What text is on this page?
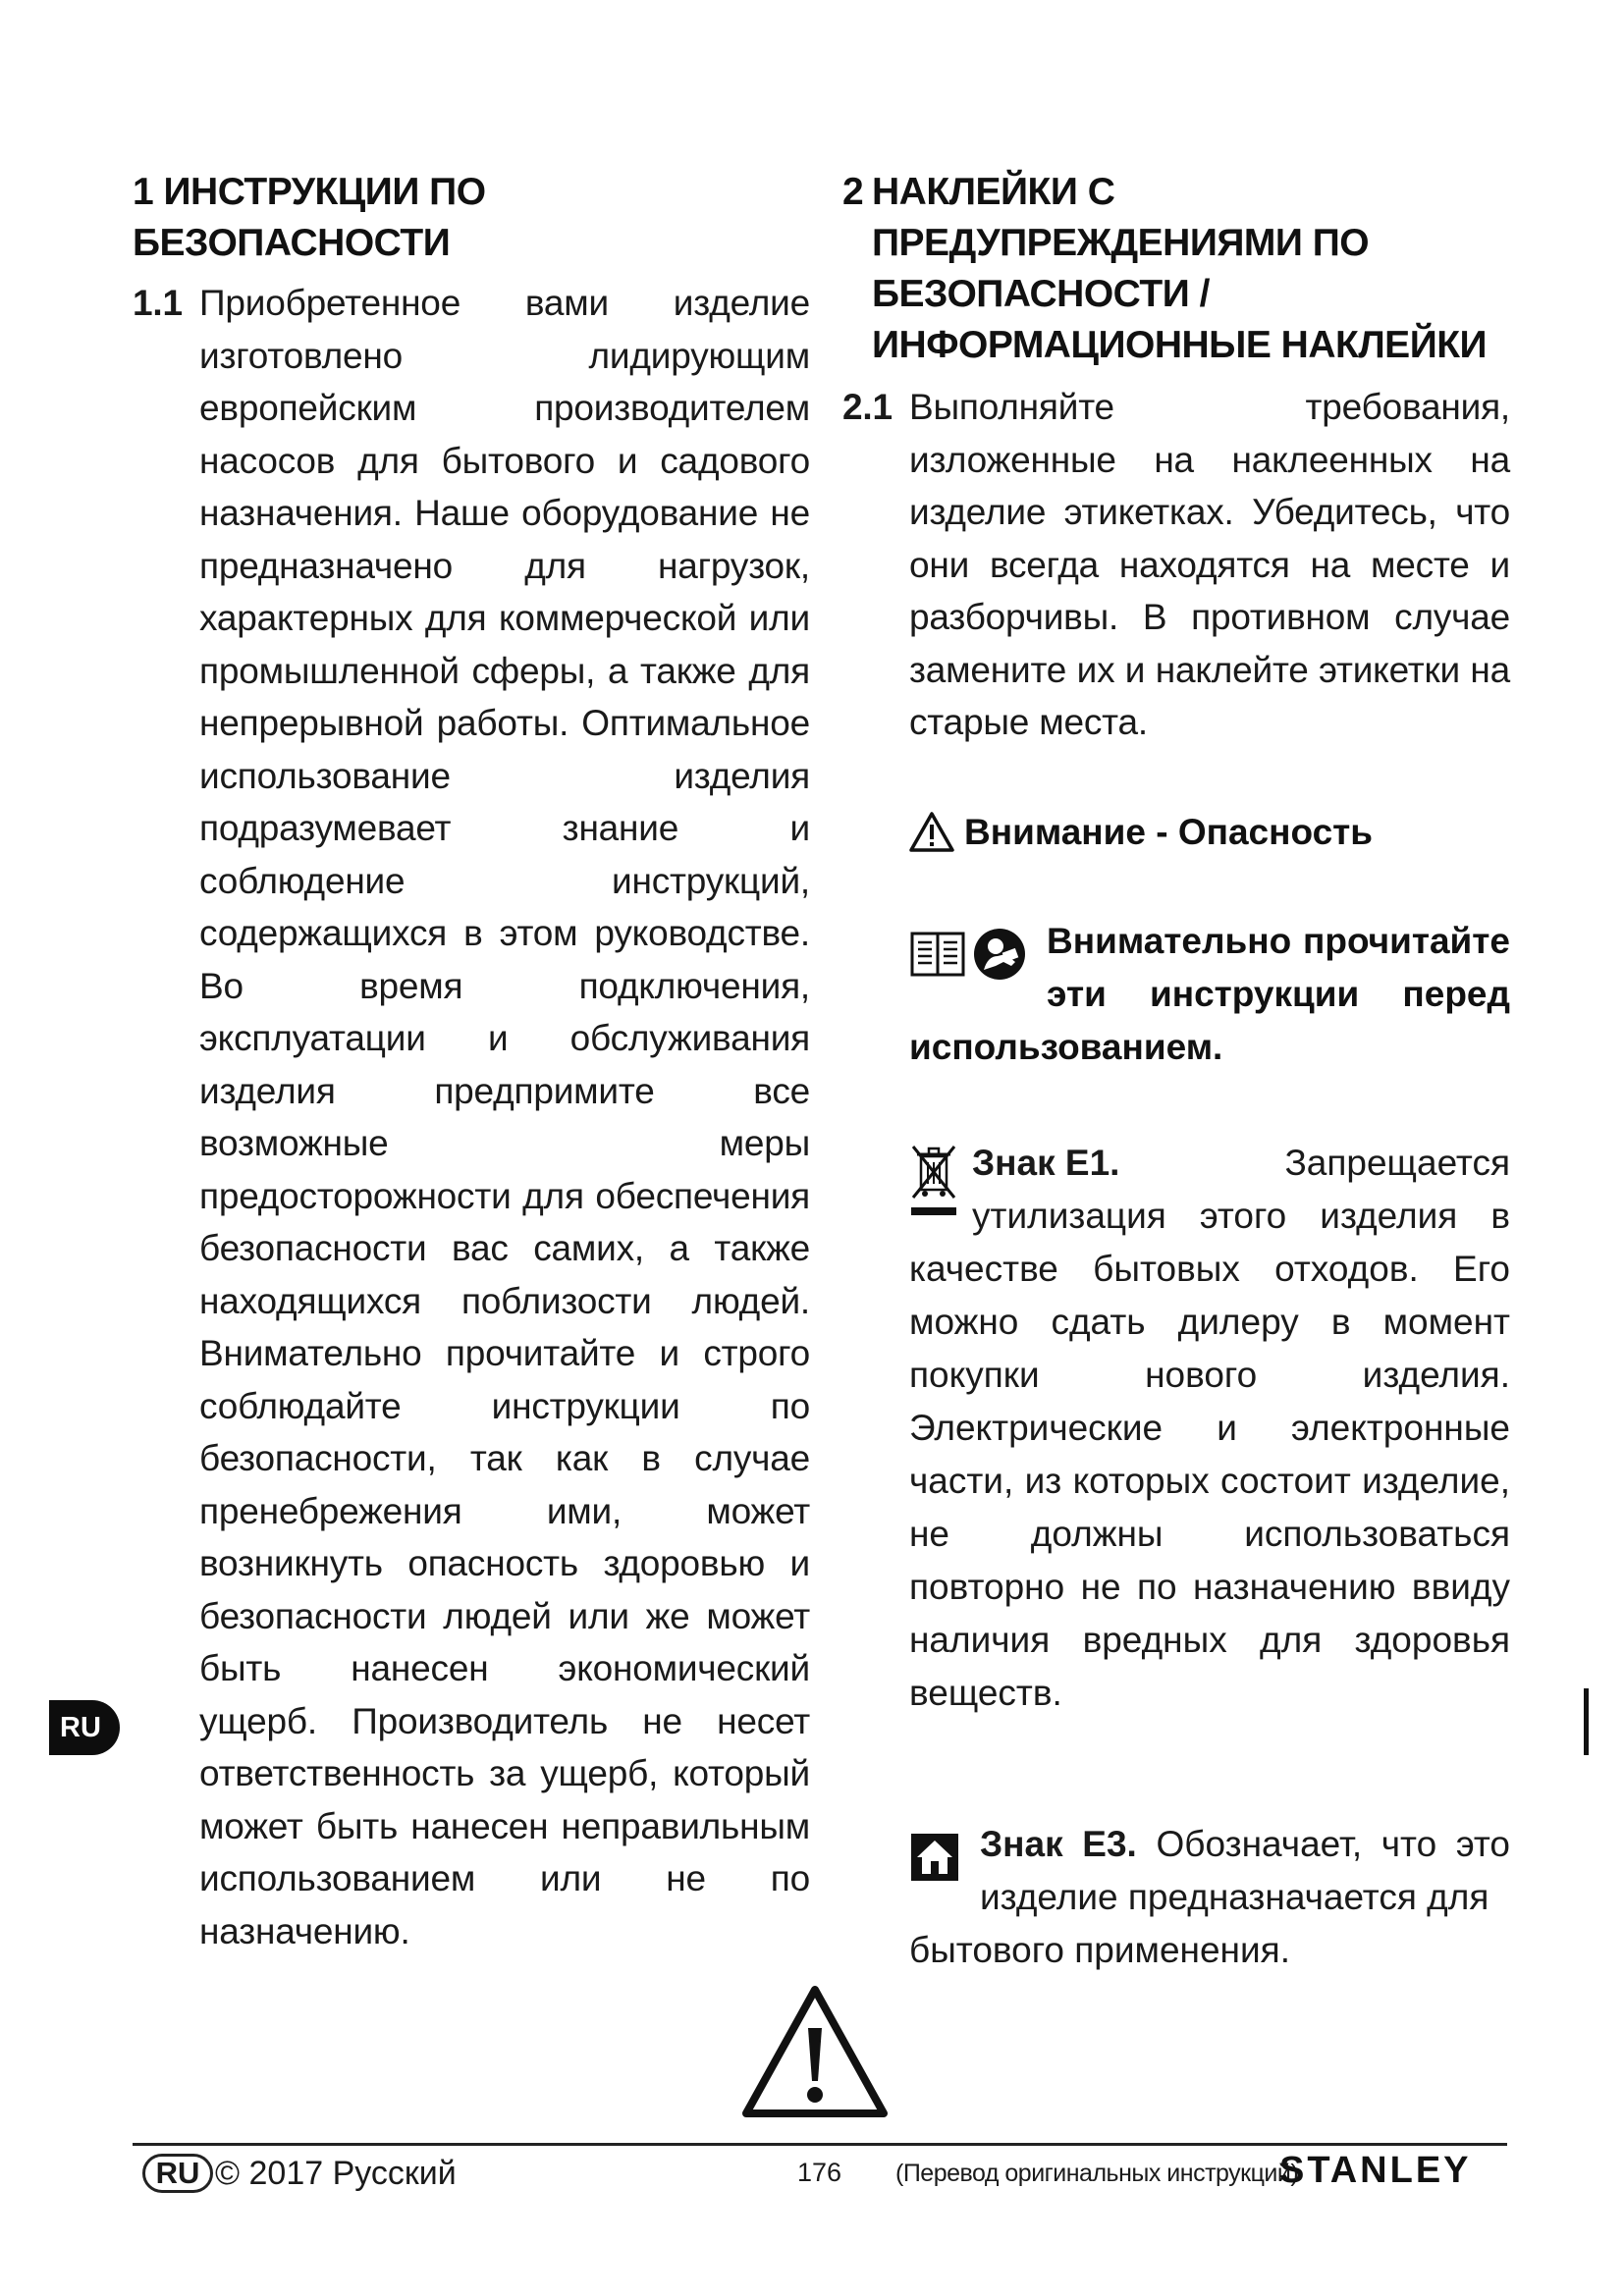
1 ИНСТРУКЦИИ ПО БЕЗОПАСНОСТИ

1.1 Приобретенное вами изделие изготовлено лидирующим европейским производителем насосов для бытового и садового назначения. Наше оборудование не предназначено для нагрузок, характерных для коммерческой или промышленной сферы, а также для непрерывной работы. Оптимальное использование изделия подразумевает знание и соблюдение инструкций, содержащихся в этом руководстве. Во время подключения, эксплуатации и обслуживания изделия предпримите все возможные меры предосторожности для обеспечения безопасности вас самих, а также находящихся поблизости людей. Внимательно прочитайте и строго соблюдайте инструкции по безопасности, так как в случае пренебрежения ими, может возникнуть опасность здоровью и безопасности людей или же может быть нанесен экономический ущерб. Производитель не несет ответственность за ущерб, который может быть нанесен неправильным использованием или не по назначению.

2 НАКЛЕЙКИ С ПРЕДУПРЕЖДЕНИЯМИ ПО БЕЗОПАСНОСТИ / ИНФОРМАЦИОННЫЕ НАКЛЕЙКИ

2.1 Выполняйте требования, изложенные на наклеенных на изделие этикетках. Убедитесь, что они всегда находятся на месте и разборчивы. В противном случае замените их и наклейте этикетки на старые места.

Внимание - Опасность
Внимательно прочитайте
эти инструкции перед
использованием.
Знак E1.	Запрещается
утилизация этого изделия в качестве бытовых отходов. Его можно сдать дилеру в момент покупки нового изделия. Электрические и электронные части, из которых состоит изделие, не должны использоваться повторно не по назначению ввиду наличия вредных для здоровья веществ.
Знак E3. Обозначает, что это изделие предназначается для
бытового применения.
RU
RU © 2017 Русский	176 (Перевод оригинальных инструкций)
STANLEY
